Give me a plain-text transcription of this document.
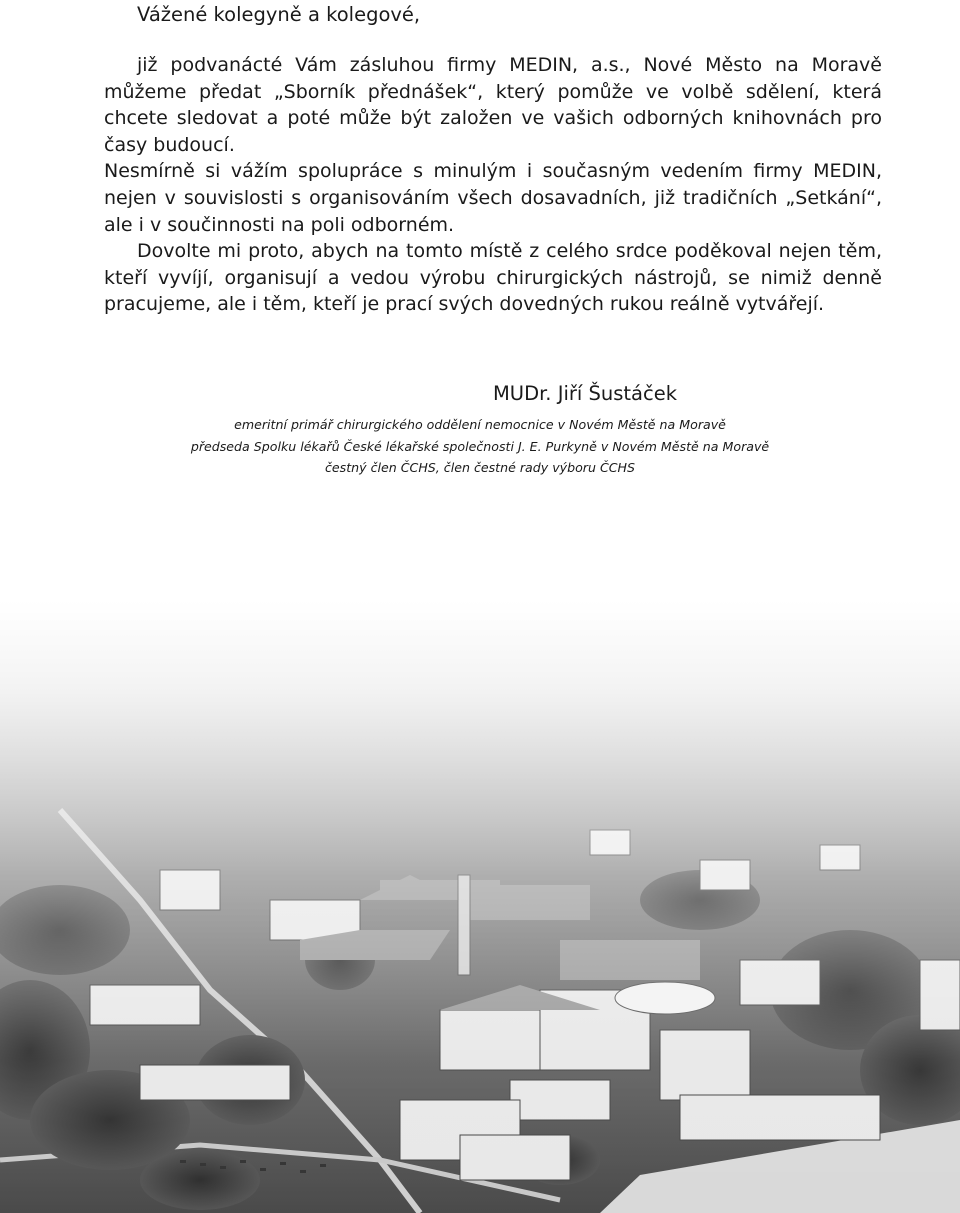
Vážené kolegyně a kolegové,

již podvanácté Vám zásluhou firmy MEDIN, a.s., Nové Město na Moravě můžeme předat „Sborník přednášek“, který pomůže ve volbě sdělení, která chcete sledovat a poté může být založen ve vašich odborných knihovnách pro časy budoucí.

Nesmírně si vážím spolupráce s minulým i současným vedením firmy MEDIN, nejen v souvislosti s organisováním všech dosavadních, již tradičních „Setkání“, ale i v součinnosti na poli odborném.

Dovolte mi proto, abych na tomto místě z celého srdce poděkoval nejen těm, kteří vyvíjí, organisují a vedou výrobu chirurgických nástrojů, se nimiž denně pracujeme, ale i těm, kteří je prací svých dovedných rukou reálně vytvářejí.

MUDr. Jiří Šustáček

emeritní primář chirurgického oddělení nemocnice v Novém Městě na Moravě

předseda Spolku lékařů České lékařské společnosti J. E. Purkyně v Novém Městě na Moravě

čestný člen ČCHS, člen čestné rady výboru ČCHS
